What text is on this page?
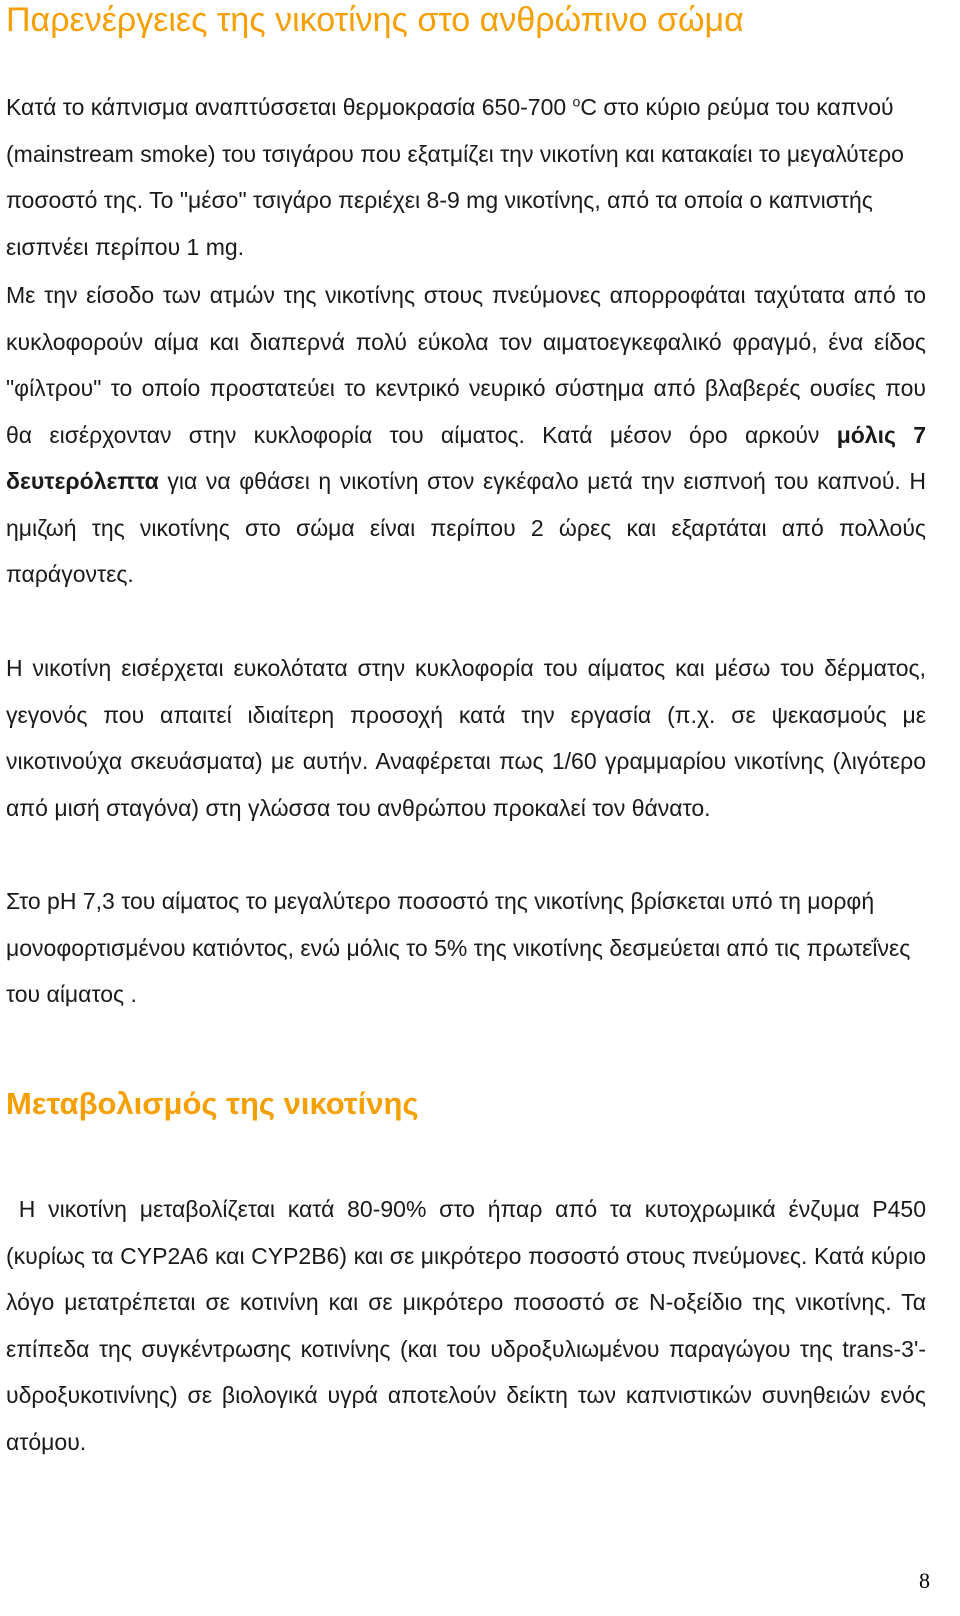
Παρενέργειες της νικοτίνης στο ανθρώπινο σώμα

Κατά το κάπνισμα αναπτύσσεται θερμοκρασία 650-700 $^o$C στο κύριο ρεύμα του καπνού (mainstream smoke) του τσιγάρου που εξατμίζει την νικοτίνη και κατακαίει το μεγαλύτερο ποσοστό της. Το "μέσο" τσιγάρο περιέχει 8-9 mg νικοτίνης, από τα οποία ο καπνιστής εισπνέει περίπου 1 mg.

Με την είσοδο των ατμών της νικοτίνης στους πνεύμονες απορροφάται ταχύτατα από το κυκλοφορούν αίμα και διαπερνά πολύ εύκολα τον αιματοεγκεφαλικό φραγμό, ένα είδος "φίλτρου" το οποίο προστατεύει το κεντρικό νευρικό σύστημα από βλαβερές ουσίες που θα εισέρχονταν στην κυκλοφορία του αίματος. Κατά μέσον όρο αρκούν μόλις 7 δευτερόλεπτα για να φθάσει η νικοτίνη στον εγκέφαλο μετά την εισπνοή του καπνού. Η ημιζωή της νικοτίνης στο σώμα είναι περίπου 2 ώρες και εξαρτάται από πολλούς παράγοντες.

Η νικοτίνη εισέρχεται ευκολότατα στην κυκλοφορία του αίματος και μέσω του δέρματος, γεγονός που απαιτεί ιδιαίτερη προσοχή κατά την εργασία (π.χ. σε ψεκασμούς με νικοτινούχα σκευάσματα) με αυτήν. Αναφέρεται πως 1/60 γραμμαρίου νικοτίνης (λιγότερο από μισή σταγόνα) στη γλώσσα του ανθρώπου προκαλεί τον θάνατο.

Στο pH 7,3 του αίματος το μεγαλύτερο ποσοστό της νικοτίνης βρίσκεται υπό τη μορφή μονοφορτισμένου κατιόντος, ενώ μόλις το 5% της νικοτίνης δεσμεύεται από τις πρωτεΐνες του αίματος .

Μεταβολισμός της νικοτίνης

Η νικοτίνη μεταβολίζεται κατά 80-90% στο ήπαρ από τα κυτοχρωμικά ένζυμα P450 (κυρίως τα CYP2A6 και CYP2B6) και σε μικρότερο ποσοστό στους πνεύμονες. Κατά κύριο λόγο μετατρέπεται σε κοτινίνη και σε μικρότερο ποσοστό σε N-οξείδιο της νικοτίνης. Τα επίπεδα της συγκέντρωσης κοτινίνης (και του υδροξυλιωμένου παραγώγου της trans-3'-υδροξυκοτινίνης) σε βιολογικά υγρά αποτελούν δείκτη των καπνιστικών συνηθειών ενός ατόμου.

8
